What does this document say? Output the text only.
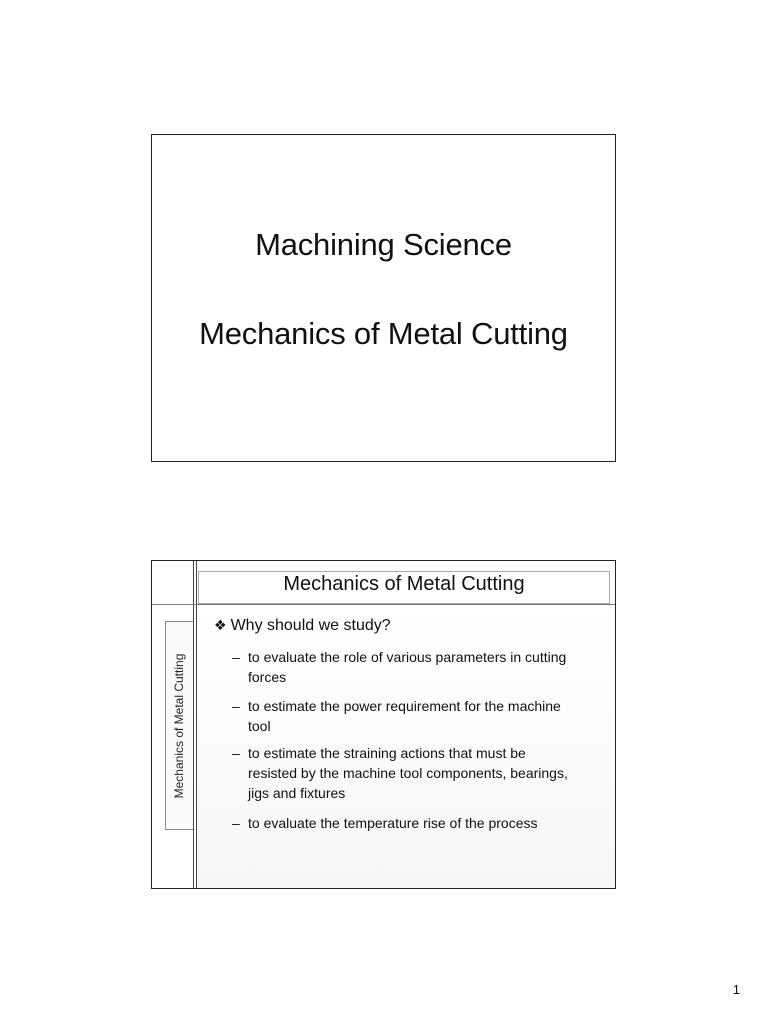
Machining Science
Mechanics of Metal Cutting
Mechanics of Metal Cutting
Mechanics of Metal Cutting
❖ Why should we study?
– to evaluate the role of various parameters in cutting forces
– to estimate the power requirement for the machine tool
– to estimate the straining actions that must be resisted by the machine tool components, bearings, jigs and fixtures
– to evaluate the temperature rise of the process
1
